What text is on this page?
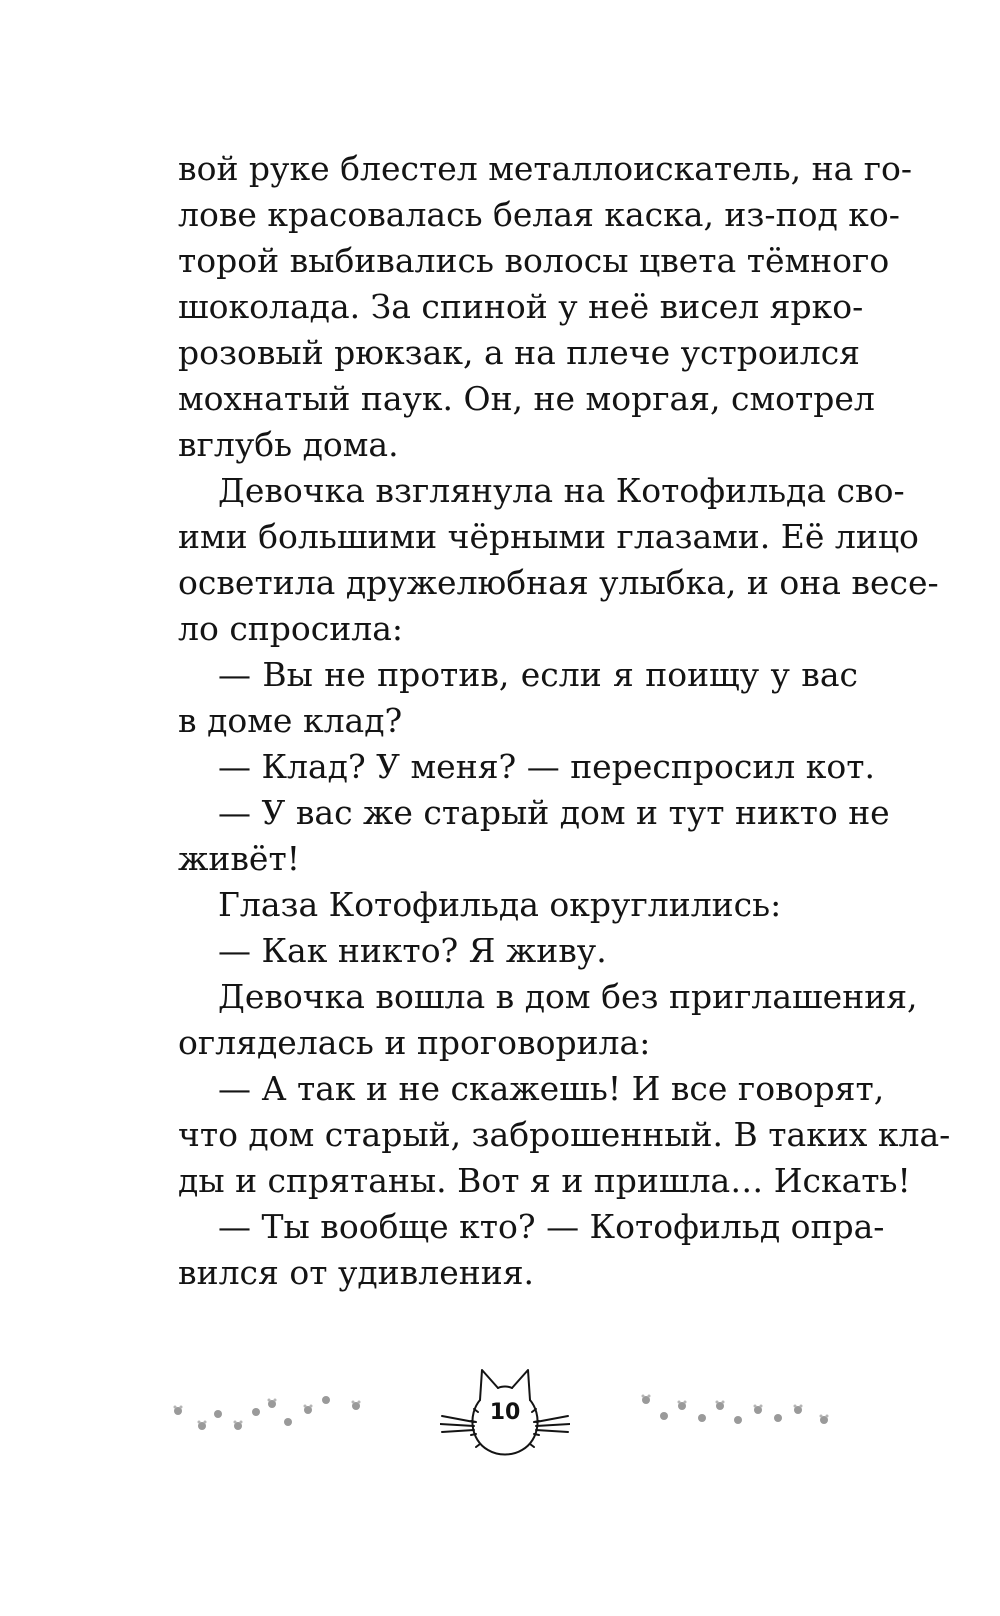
вой руке блестел металлоискатель, на го-
лове красовалась белая каска, из-под ко-
торой выбивались волосы цвета тёмного
шоколада. За спиной у неё висел ярко-
розовый рюкзак, а на плече устроился
мохнатый паук. Он, не моргая, смотрел
вглубь дома.
Девочка взглянула на Котофильда сво-
ими большими чёрными глазами. Её лицо
осветила дружелюбная улыбка, и она весе-
ло спросила:
— Вы не против, если я поищу у вас
в доме клад?
— Клад? У меня? — переспросил кот.
— У вас же старый дом и тут никто не
живёт!
Глаза Котофильда округлились:
— Как никто? Я живу.
Девочка вошла в дом без приглашения,
огляделась и проговорила:
— А так и не скажешь! И все говорят,
что дом старый, заброшенный. В таких кла-
ды и спрятаны. Вот я и пришла… Искать!
— Ты вообще кто? — Котофильд опра-
вился от удивления.
10
